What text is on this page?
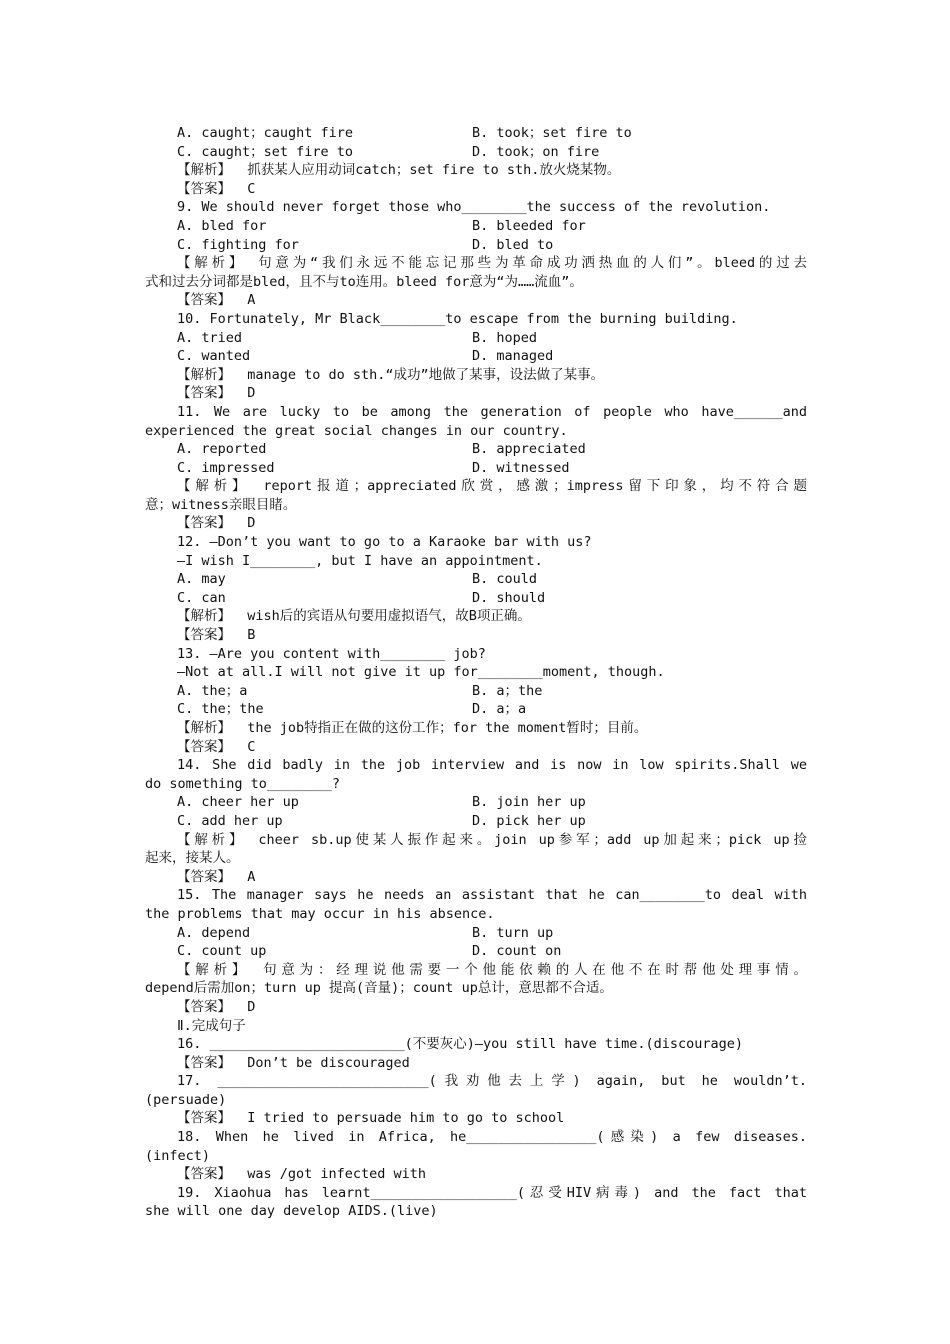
A. caught；caught fire	B. took；set fire to
C. caught；set fire to	D. took；on fire
【解析】  抓获某人应用动词catch；set fire to sth.放火烧某物。
【答案】  C
9. We should never forget those who________the success of the revolution.
A. bled for	B. bleeded for
C. fighting for	D. bled to
【解析】 句意为“我们永远不能忘记那些为革命成功洒热血的人们”。bleed的过去
式和过去分词都是bled，且不与to连用。bleed for意为“为……流血”。
【答案】  A
10. Fortunately, Mr Black________to escape from the burning building.
A. tried	B. hoped
C. wanted	D. managed
【解析】  manage to do sth.“成功”地做了某事，设法做了某事。
【答案】  D
11. We are lucky to be among the generation of people who have______and
experienced the great social changes in our country.
A. reported	B. appreciated
C. impressed	D. witnessed
【解析】 report报道；appreciated欣赏，感激；impress留下印象，均不符合题
意；witness亲眼目睹。
【答案】  D
12. —Don’t you want to go to a Karaoke bar with us?
—I wish I________, but I have an appointment.
A. may	B. could
C. can	D. should
【解析】  wish后的宾语从句要用虚拟语气，故B项正确。
【答案】  B
13. —Are you content with________ job?
—Not at all.I will not give it up for________moment, though.
A. the；a	B. a；the
C. the；the	D. a；a
【解析】  the job特指正在做的这份工作；for the moment暂时；目前。
【答案】  C
14. She did badly in the job interview and is now in low spirits.Shall we
do something to________?
A. cheer her up	B. join her up
C. add her up	D. pick her up
【解析】 cheer sb.up使某人振作起来。join up参军；add up加起来；pick up捡
起来，接某人。
【答案】  A
15. The manager says he needs an assistant that he can________to deal with
the problems that may occur in his absence.
A. depend	B. turn up
C. count up	D. count on
【解析】 句意为：经理说他需要一个他能依赖的人在他不在时帮他处理事情。
depend后需加on；turn up 提高(音量)；count up总计，意思都不合适。
【答案】  D
Ⅱ.完成句子
16. ________________________(不要灰心)—you still have time.(discourage)
【答案】  Don’t be discouraged
17. __________________________(我劝他去上学) again, but he wouldn’t.
(persuade)
【答案】  I tried to persuade him to go to school
18. When he lived in Africa, he________________(感染) a few diseases.
(infect)
【答案】  was /got infected with
19. Xiaohua has learnt__________________(忍受HIV病毒) and the fact that
she will one day develop AIDS.(live)
